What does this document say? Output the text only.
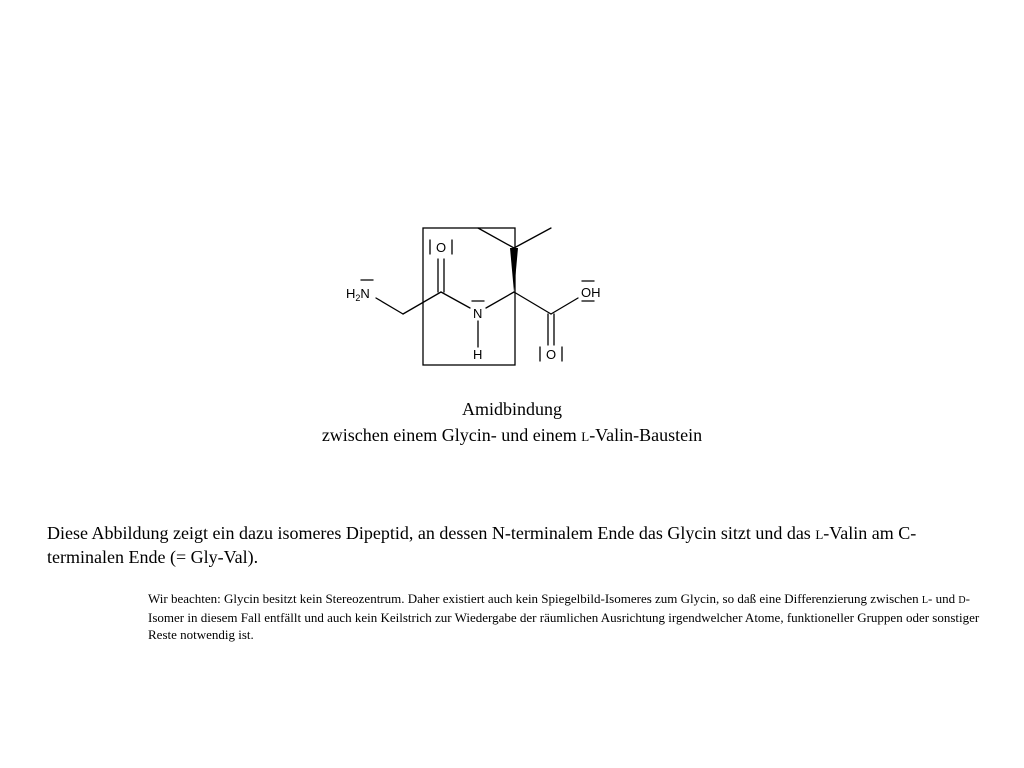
$H_2N$
O
N
H	O
OH
Amidbindung
zwischen einem Glycin- und einem L-Valin-Baustein
Diese Abbildung zeigt ein dazu isomeres Dipeptid, an dessen N-terminalem Ende das Glycin sitzt und das L-Valin am C-terminalen Ende (= Gly-Val).
Wir beachten: Glycin besitzt kein Stereozentrum. Daher existiert auch kein Spiegelbild-Isomeres zum Glycin, so daß eine Differenzierung zwischen L- und D-Isomer in diesem Fall entfällt und auch kein Keilstrich zur Wiedergabe der räumlichen Ausrichtung irgendwelcher Atome, funktioneller Gruppen oder sonstiger Reste notwendig ist.
